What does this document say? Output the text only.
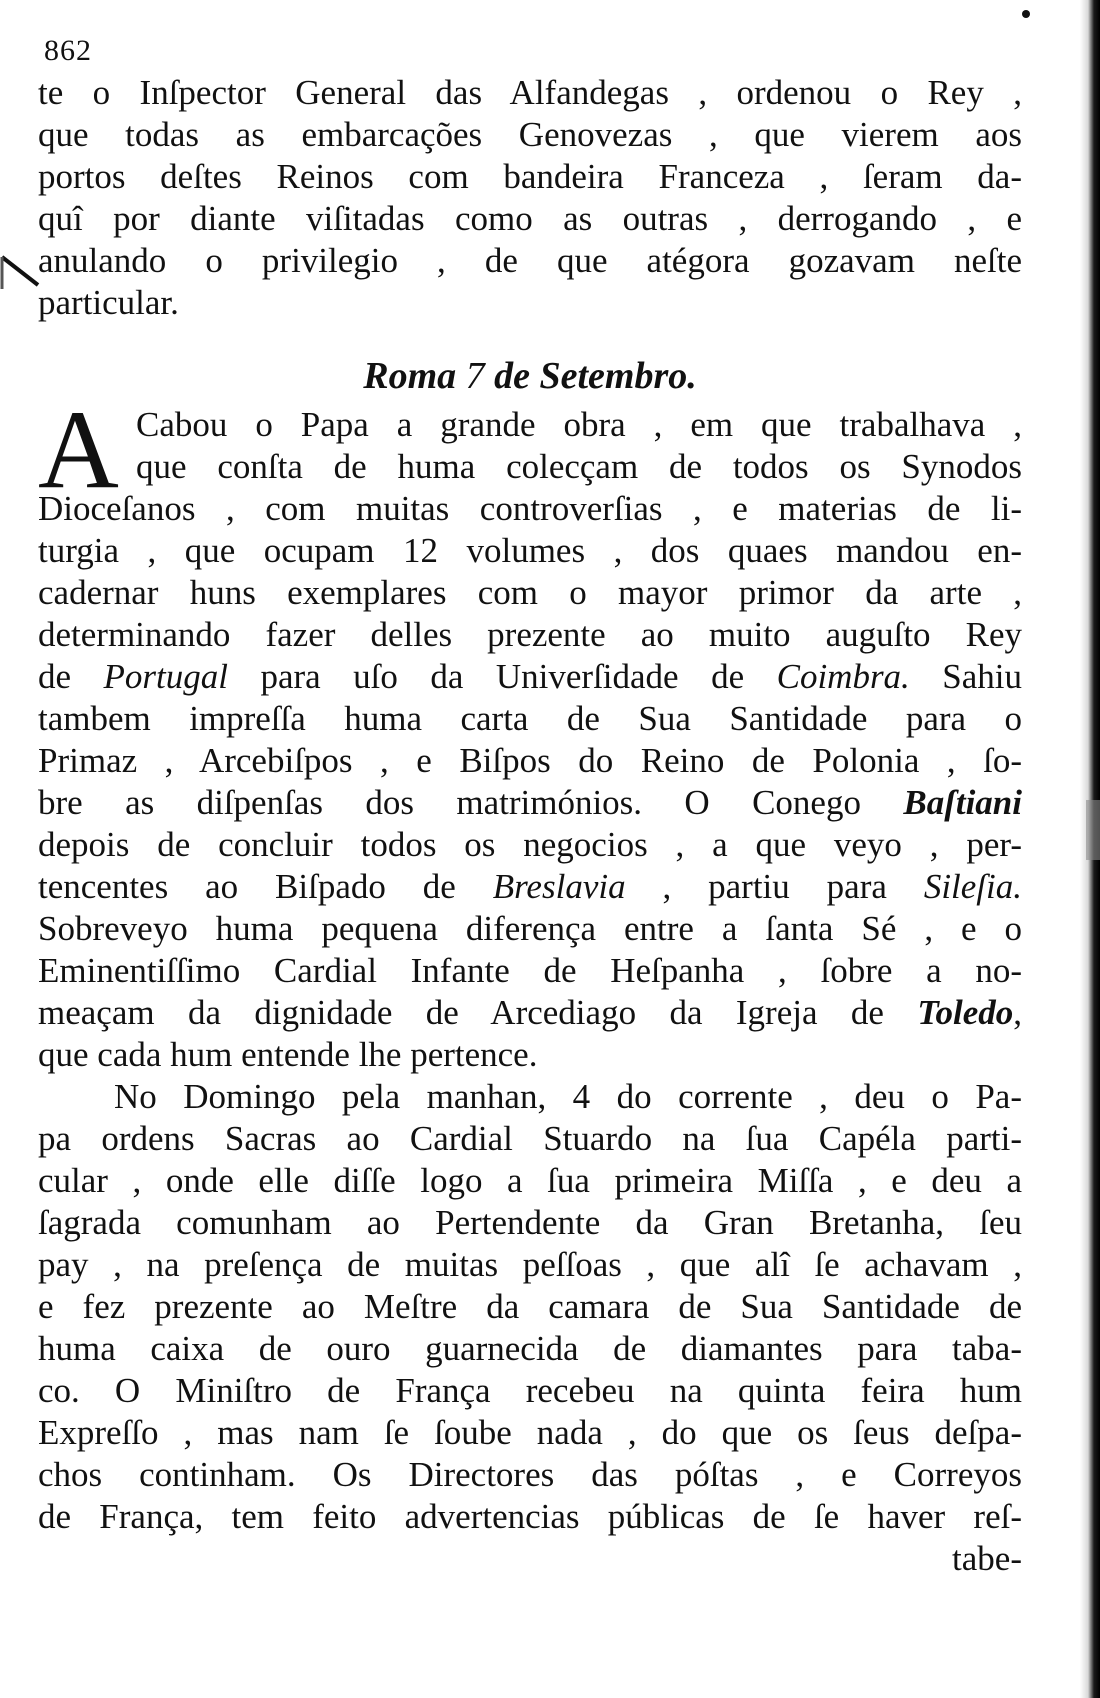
862
te o Inſpector General das Alfandegas , ordenou o Rey ,
que todas as embarcações Genovezas , que vierem aos
portos deſtes Reinos com bandeira Franceza , ſeram da-
quî por diante viſitadas como as outras , derrogando , e
anulando o privilegio , de que atégora gozavam neſte
particular.
Roma 7 de Setembro.
A Cabou o Papa a grande obra , em que trabalhava ,
que conſta de huma colecçam de todos os Synodos
Dioceſanos , com muitas controverſias , e materias de li-
turgia , que ocupam 12 volumes , dos quaes mandou en-
cadernar huns exemplares com o mayor primor da arte ,
determinando fazer delles prezente ao muito auguſto Rey
de Portugal para uſo da Univerſidade de Coimbra. Sahiu
tambem impreſſa huma carta de Sua Santidade para o
Primaz , Arcebiſpos , e Biſpos do Reino de Polonia , ſo-
bre as diſpenſas dos matrimónios. O Conego Baſtiani
depois de concluir todos os negocios , a que veyo , per-
tencentes ao Biſpado de Breslavia , partiu para Sileſia.
Sobreveyo huma pequena diferença entre a ſanta Sé , e o
Eminentiſſimo Cardial Infante de Heſpanha , ſobre a no-
meaçam da dignidade de Arcediago da Igreja de Toledo,
que cada hum entende lhe pertence.
No Domingo pela manhan, 4 do corrente , deu o Pa-
pa ordens Sacras ao Cardial Stuardo na ſua Capéla parti-
cular , onde elle diſſe logo a ſua primeira Miſſa , e deu a
ſagrada comunham ao Pertendente da Gran Bretanha, ſeu
pay , na preſença de muitas peſſoas , que alî ſe achavam ,
e fez prezente ao Meſtre da camara de Sua Santidade de
huma caixa de ouro guarnecida de diamantes para taba-
co. O Miniſtro de França recebeu na quinta feira hum
Expreſſo , mas nam ſe ſoube nada , do que os ſeus deſpa-
chos continham. Os Directores das póſtas , e Correyos
de França, tem feito advertencias públicas de ſe haver reſ-
tabe-
